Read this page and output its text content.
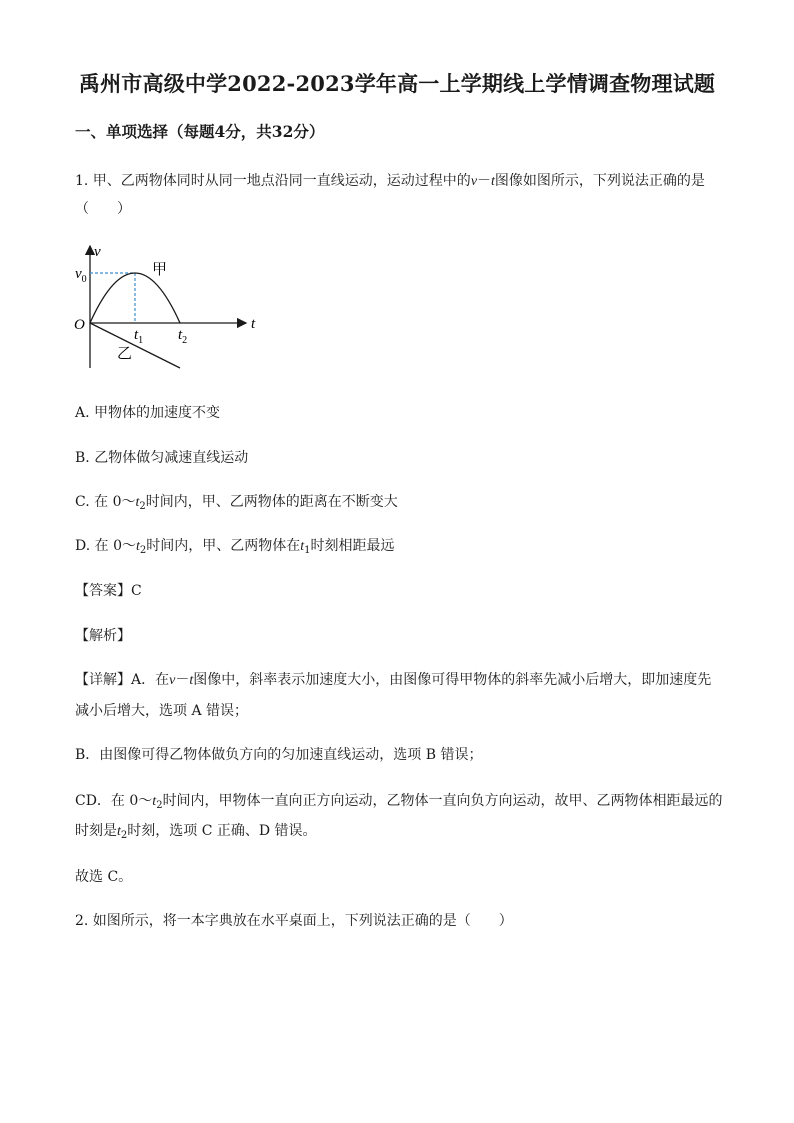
禹州市高级中学2022-2023学年高一上学期线上学情调查物理试题
一、单项选择（每题4分，共32分）
1. 甲、乙两物体同时从同一地点沿同一直线运动，运动过程中的v－t图像如图所示，下列说法正确的是
（　　）
v
$v_0$
甲
O	t
$t_1$ $t_2$
乙
A. 甲物体的加速度不变
B. 乙物体做匀减速直线运动
C. 在 $0\sim t_2$时间内，甲、乙两物体的距离在不断变大
D. 在 $0\sim t_2$时间内，甲、乙两物体在$t_1$时刻相距最远
【答案】C
【解析】
【详解】A．在v－t图像中，斜率表示加速度大小，由图像可得甲物体的斜率先减小后增大，即加速度先
减小后增大，选项 A 错误；
B．由图像可得乙物体做负方向的匀加速直线运动，选项 B 错误；
CD．在 $0\sim t_2$时间内，甲物体一直向正方向运动，乙物体一直向负方向运动，故甲、乙两物体相距最远的
时刻是$t_2$时刻，选项 C 正确、D 错误。
故选 C。
2. 如图所示，将一本字典放在水平桌面上，下列说法正确的是（　　）
